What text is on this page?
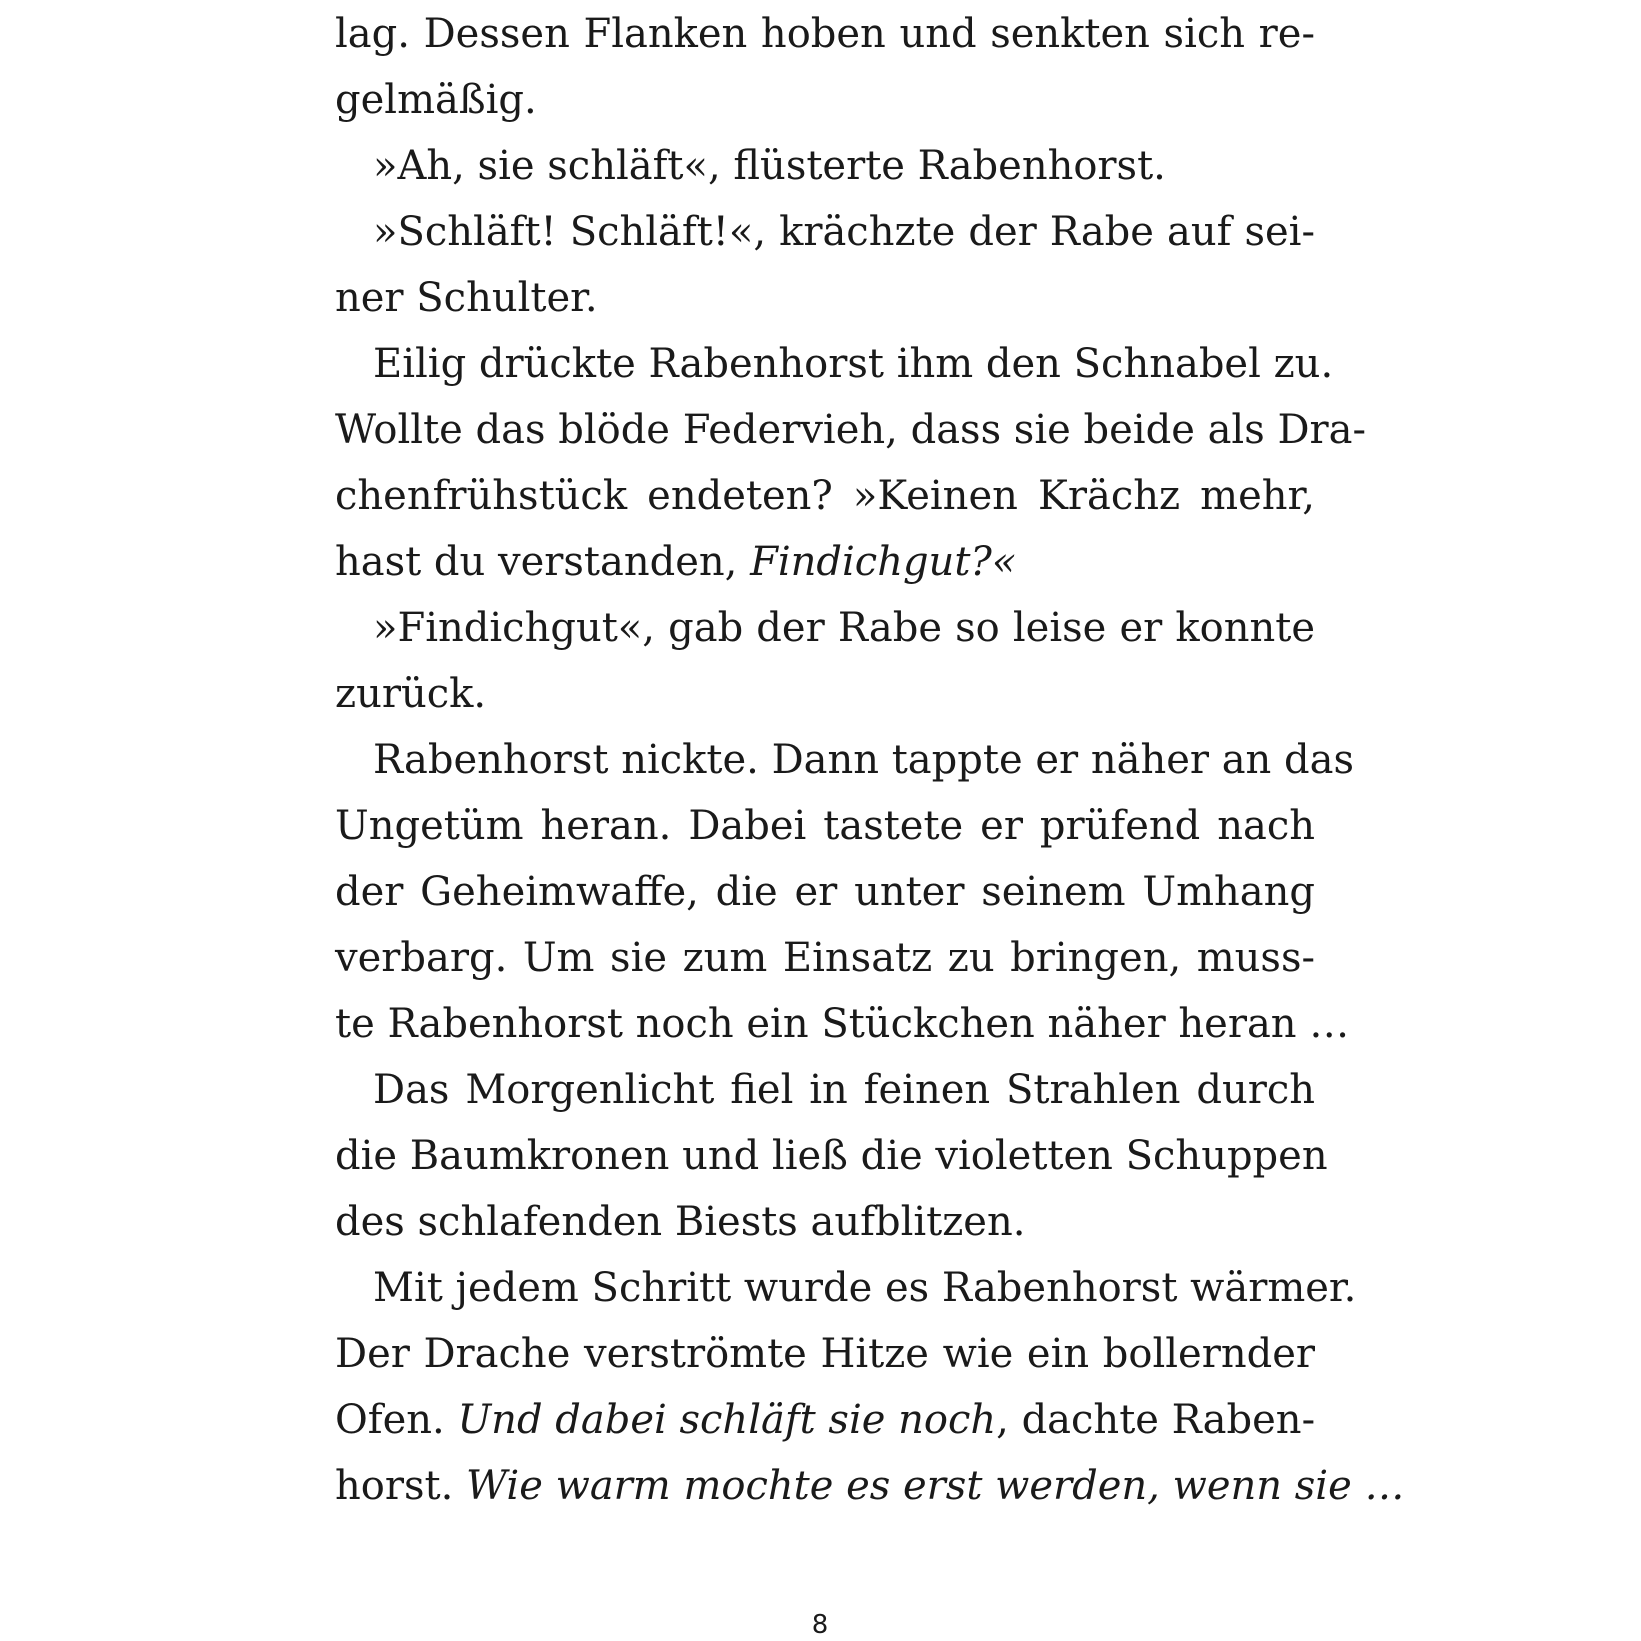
lag. Dessen Flanken hoben und senkten sich re-
gelmäßig.
»Ah, sie schläft«, flüsterte Rabenhorst.
»Schläft! Schläft!«, krächzte der Rabe auf sei-
ner Schulter.
Eilig drückte Rabenhorst ihm den Schnabel zu.
Wollte das blöde Federvieh, dass sie beide als Dra-
chenfrühstück endeten? »Keinen Krächz mehr,
hast du verstanden, Findichgut?«
»Findichgut«, gab der Rabe so leise er konnte
zurück.
Rabenhorst nickte. Dann tappte er näher an das
Ungetüm heran. Dabei tastete er prüfend nach
der Geheimwaffe, die er unter seinem Umhang
verbarg. Um sie zum Einsatz zu bringen, muss-
te Rabenhorst noch ein Stückchen näher heran …
Das Morgenlicht fiel in feinen Strahlen durch
die Baumkronen und ließ die violetten Schuppen
des schlafenden Biests aufblitzen.
Mit jedem Schritt wurde es Rabenhorst wärmer.
Der Drache verströmte Hitze wie ein bollernder
Ofen. Und dabei schläft sie noch, dachte Raben-
horst. Wie warm mochte es erst werden, wenn sie …
8
